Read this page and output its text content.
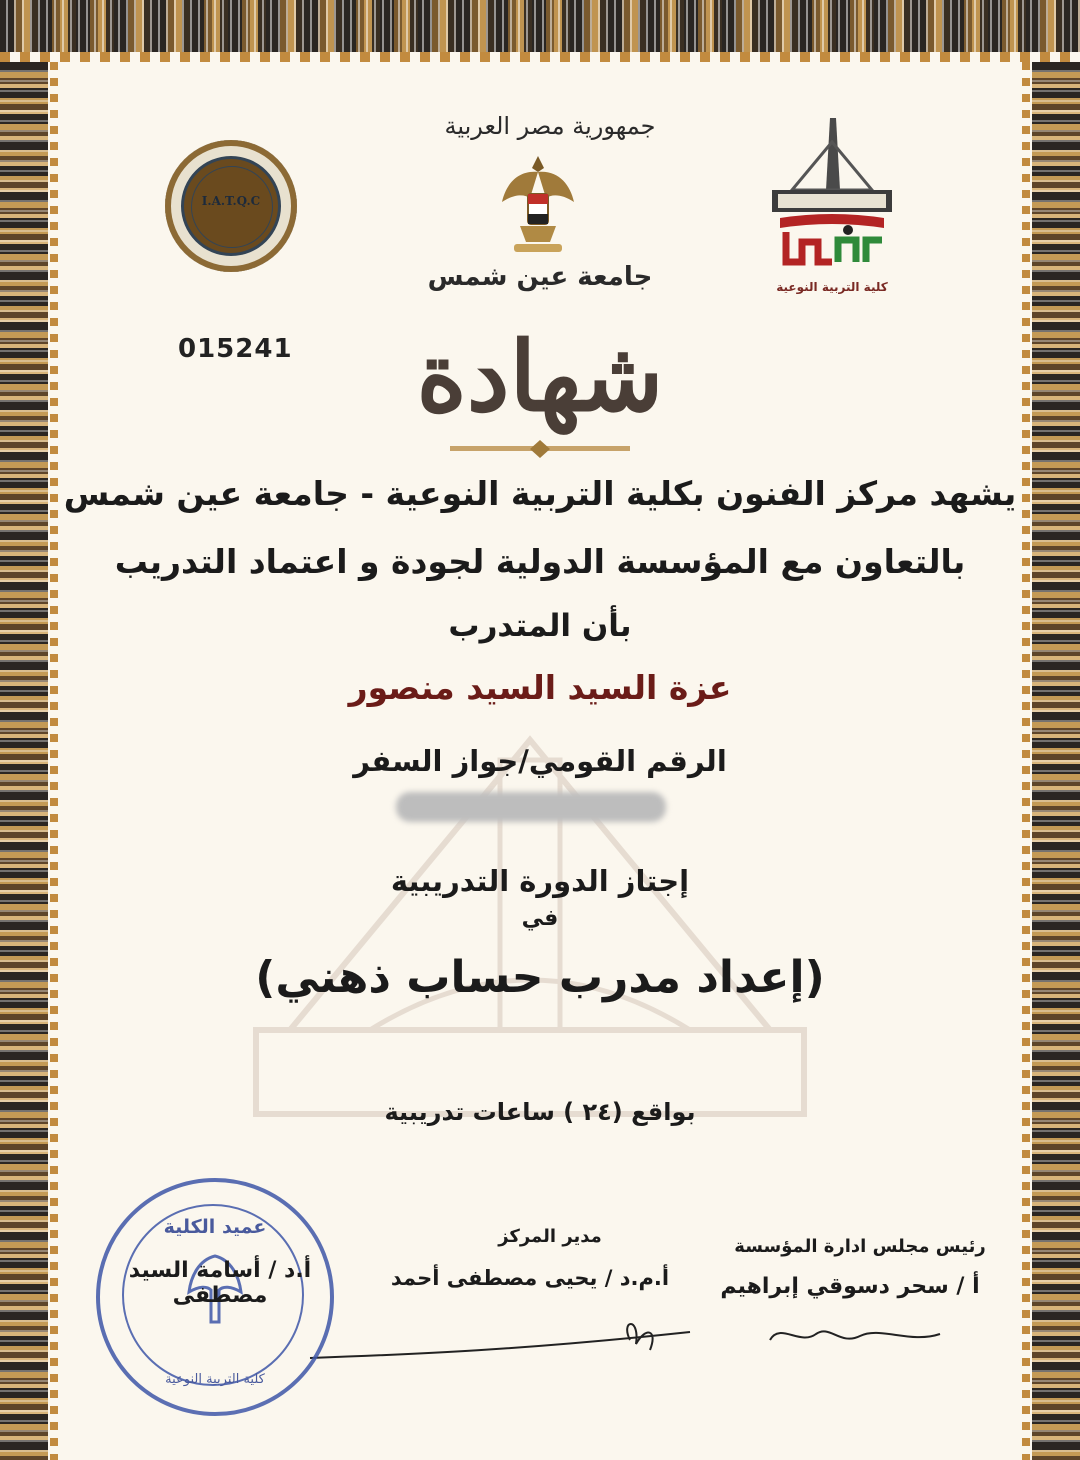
جمهورية مصر العربية
جامعة عين شمس
I.A.T.Q.C
كلية التربية النوعية
015241	شهادة
يشهد مركز الفنون بكلية التربية النوعية - جامعة عين شمس
بالتعاون مع المؤسسة الدولية لجودة و اعتماد التدريب
بأن المتدرب
عزة السيد السيد منصور
الرقم القومي/جواز السفر
إجتاز الدورة التدريبية
في
(إعداد مدرب حساب ذهني)
بواقع (٢٤ ) ساعات تدريبية
رئيس مجلس ادارة المؤسسة
أ / سحر دسوقي إبراهيم
مدير المركز
أ.م.د / يحيى مصطفى أحمد
عميد الكلية
كلية التربية النوعية
أ.د / أسامة السيد مصطفى
